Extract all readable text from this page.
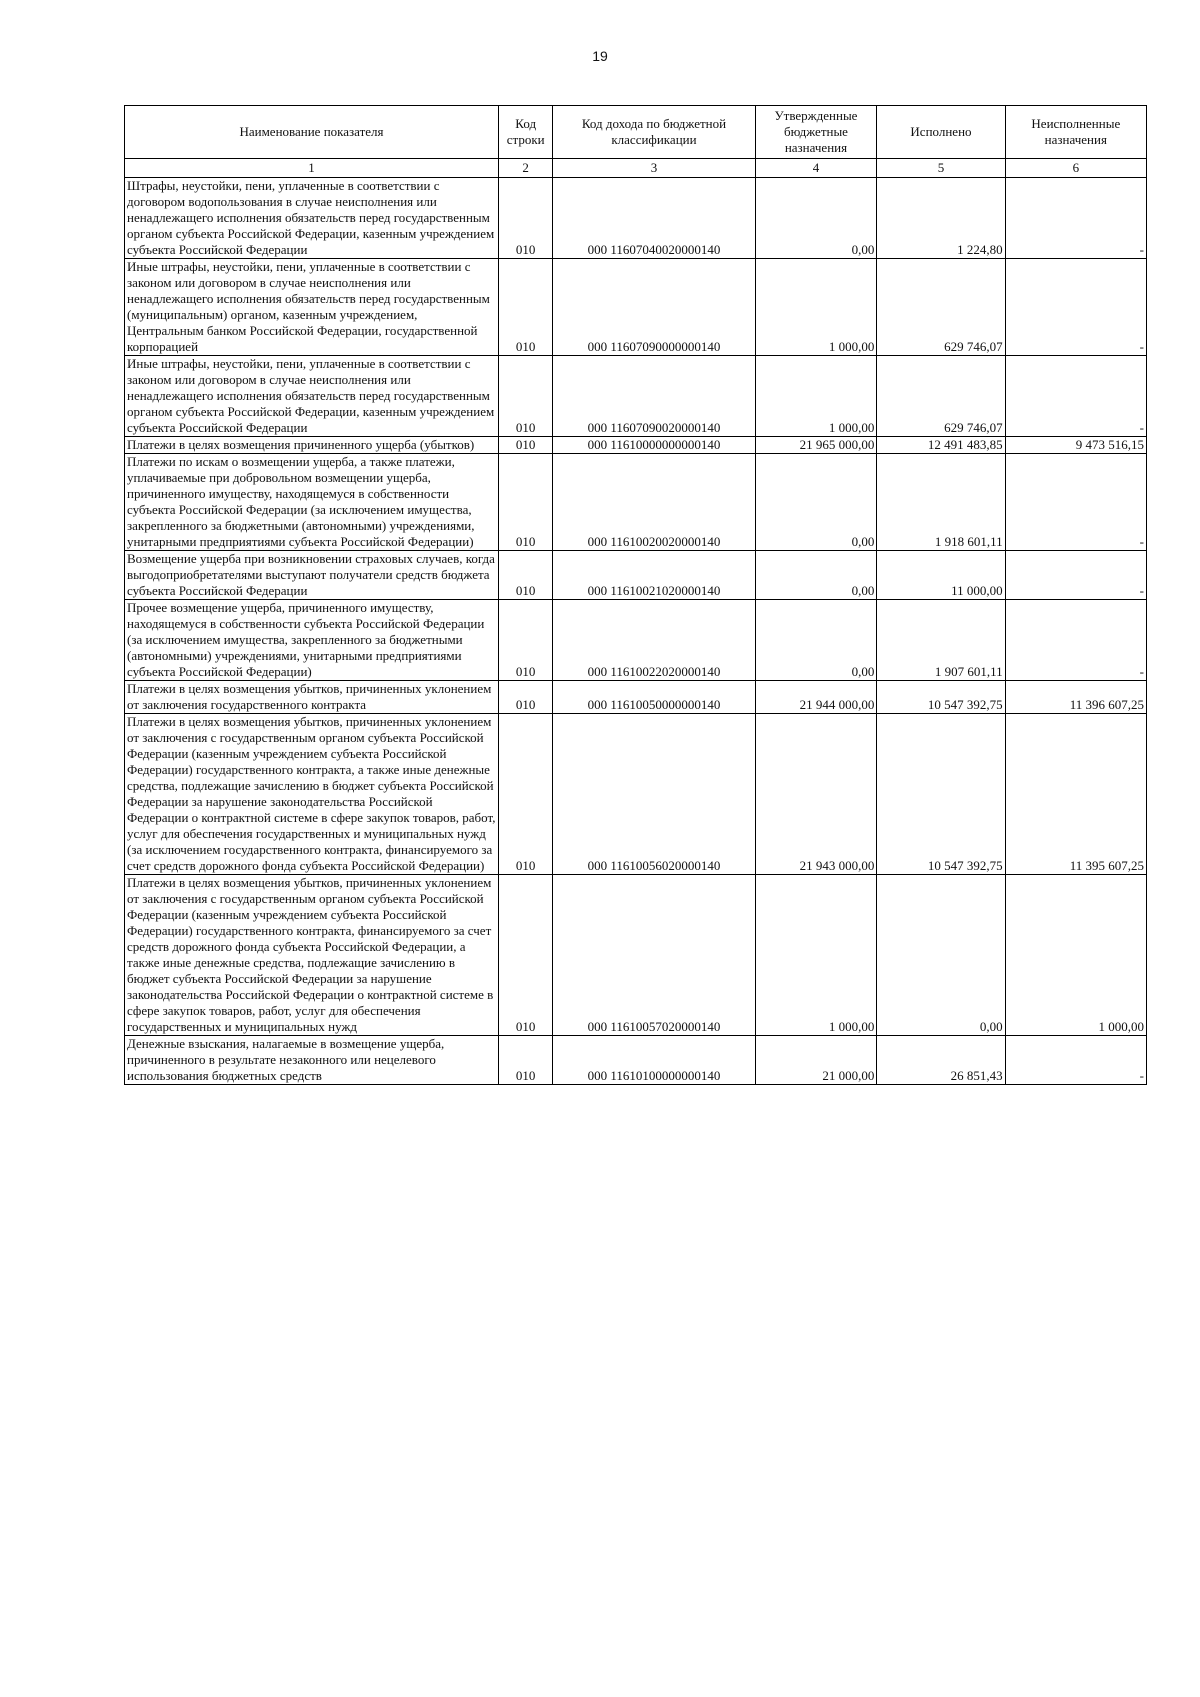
19
Наименование показателя	Код строки	Код дохода по бюджетной классификации	Утвержденные бюджетные назначения	Исполнено	Неисполненные назначения
1	2	3	4	5	6
Штрафы, неустойки, пени, уплаченные в соответствии с договором водопользования в случае неисполнения или ненадлежащего исполнения обязательств перед государственным органом субъекта Российской Федерации, казенным учреждением субъекта Российской Федерации	010	000 11607040020000140	0,00	1 224,80	-
Иные штрафы, неустойки, пени, уплаченные в соответствии с законом или договором в случае неисполнения или ненадлежащего исполнения обязательств перед государственным (муниципальным) органом, казенным учреждением, Центральным банком Российской Федерации, государственной корпорацией	010	000 11607090000000140	1 000,00	629 746,07	-
Иные штрафы, неустойки, пени, уплаченные в соответствии с законом или договором в случае неисполнения или ненадлежащего исполнения обязательств перед государственным органом субъекта Российской Федерации, казенным учреждением субъекта Российской Федерации	010	000 11607090020000140	1 000,00	629 746,07	-
Платежи в целях возмещения причиненного ущерба (убытков)	010	000 11610000000000140	21 965 000,00	12 491 483,85	9 473 516,15
Платежи по искам о возмещении ущерба, а также платежи, уплачиваемые при добровольном возмещении ущерба, причиненного имуществу, находящемуся в собственности субъекта Российской Федерации (за исключением имущества, закрепленного за бюджетными (автономными) учреждениями, унитарными предприятиями субъекта Российской Федерации)	010	000 11610020020000140	0,00	1 918 601,11	-
Возмещение ущерба при возникновении страховых случаев, когда выгодоприобретателями выступают получатели средств бюджета субъекта Российской Федерации	010	000 11610021020000140	0,00	11 000,00	-
Прочее возмещение ущерба, причиненного имуществу, находящемуся в собственности субъекта Российской Федерации (за исключением имущества, закрепленного за бюджетными (автономными) учреждениями, унитарными предприятиями субъекта Российской Федерации)	010	000 11610022020000140	0,00	1 907 601,11	-
Платежи в целях возмещения убытков, причиненных уклонением от заключения государственного контракта	010	000 11610050000000140	21 944 000,00	10 547 392,75	11 396 607,25
Платежи в целях возмещения убытков, причиненных уклонением от заключения с государственным органом субъекта Российской Федерации (казенным учреждением субъекта Российской Федерации) государственного контракта, а также иные денежные средства, подлежащие зачислению в бюджет субъекта Российской Федерации за нарушение законодательства Российской Федерации о контрактной системе в сфере закупок товаров, работ, услуг для обеспечения государственных и муниципальных нужд (за исключением государственного контракта, финансируемого за счет средств дорожного фонда субъекта Российской Федерации)	010	000 11610056020000140	21 943 000,00	10 547 392,75	11 395 607,25
Платежи в целях возмещения убытков, причиненных уклонением от заключения с государственным органом субъекта Российской Федерации (казенным учреждением субъекта Российской Федерации) государственного контракта, финансируемого за счет средств дорожного фонда субъекта Российской Федерации, а также иные денежные средства, подлежащие зачислению в бюджет субъекта Российской Федерации за нарушение законодательства Российской Федерации о контрактной системе в сфере закупок товаров, работ, услуг для обеспечения государственных и муниципальных нужд	010	000 11610057020000140	1 000,00	0,00	1 000,00
Денежные взыскания, налагаемые в возмещение ущерба, причиненного в результате незаконного или нецелевого использования бюджетных средств	010	000 11610100000000140	21 000,00	26 851,43	-
